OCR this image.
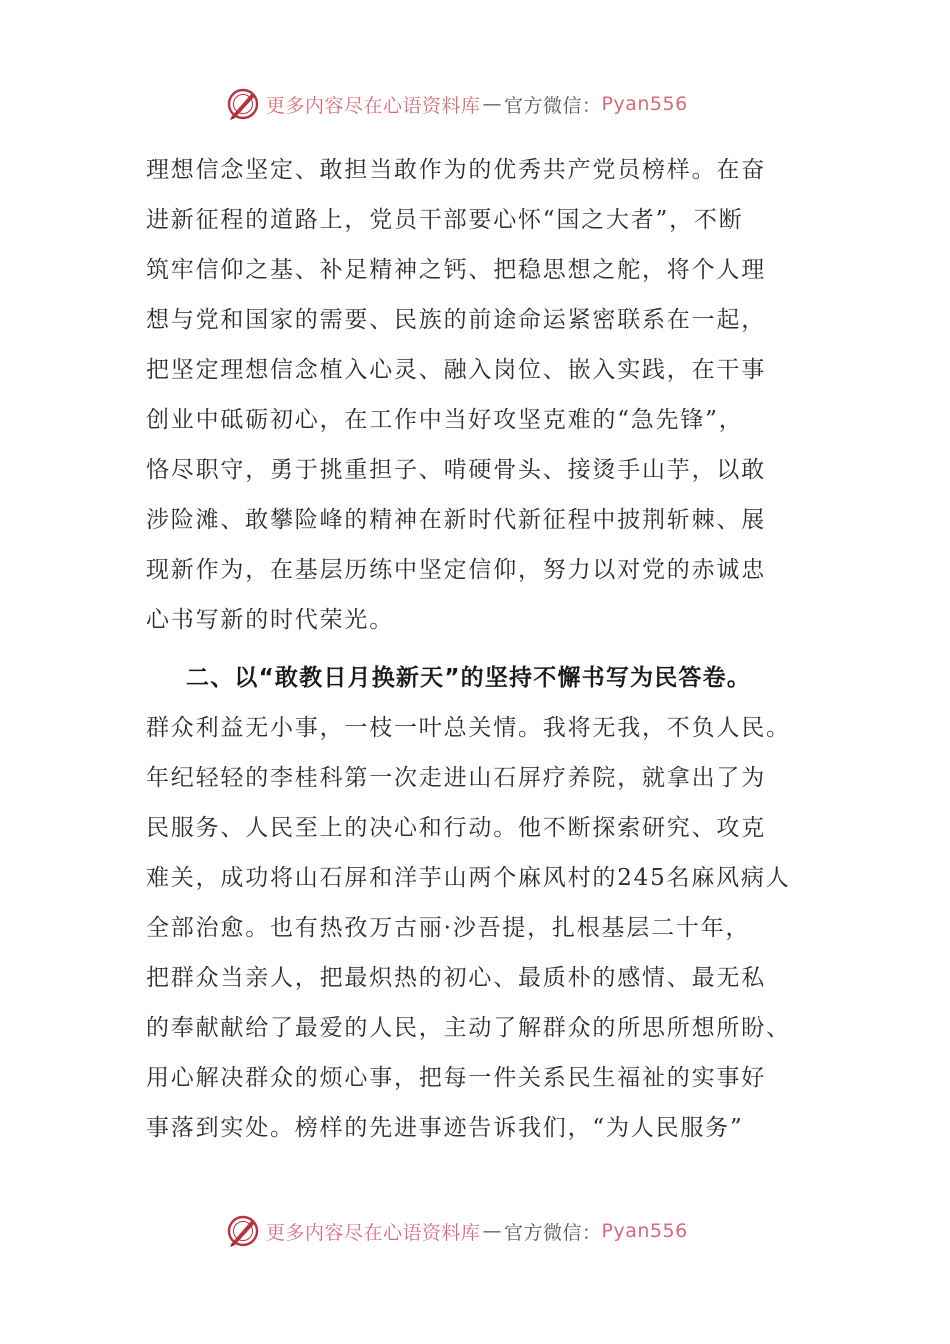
更多内容尽在心语资料库 — 官方微信： Pyan556
理想信念坚定、敢担当敢作为的优秀共产党员榜样。在奋
进新征程的道路上，党员干部要心怀“国之大者”，不断
筑牢信仰之基、补足精神之钙、把稳思想之舵，将个人理
想与党和国家的需要、民族的前途命运紧密联系在一起，
把坚定理想信念植入心灵、融入岗位、嵌入实践，在干事
创业中砥砺初心，在工作中当好攻坚克难的“急先锋”，
恪尽职守，勇于挑重担子、啃硬骨头、接烫手山芋，以敢
涉险滩、敢攀险峰的精神在新时代新征程中披荆斩棘、展
现新作为，在基层历练中坚定信仰，努力以对党的赤诚忠
心书写新的时代荣光。
二、以“敢教日月换新天”的坚持不懈书写为民答卷。
群众利益无小事，一枝一叶总关情。我将无我，不负人民。
年纪轻轻的李桂科第一次走进山石屏疗养院，就拿出了为
民服务、人民至上的决心和行动。他不断探索研究、攻克
难关，成功将山石屏和洋芋山两个麻风村的245名麻风病人
全部治愈。也有热孜万古丽·沙吾提，扎根基层二十年，
把群众当亲人，把最炽热的初心、最质朴的感情、最无私
的奉献献给了最爱的人民，主动了解群众的所思所想所盼、
用心解决群众的烦心事，把每一件关系民生福祉的实事好
事落到实处。榜样的先进事迹告诉我们，“为人民服务”
更多内容尽在心语资料库 — 官方微信： Pyan556
